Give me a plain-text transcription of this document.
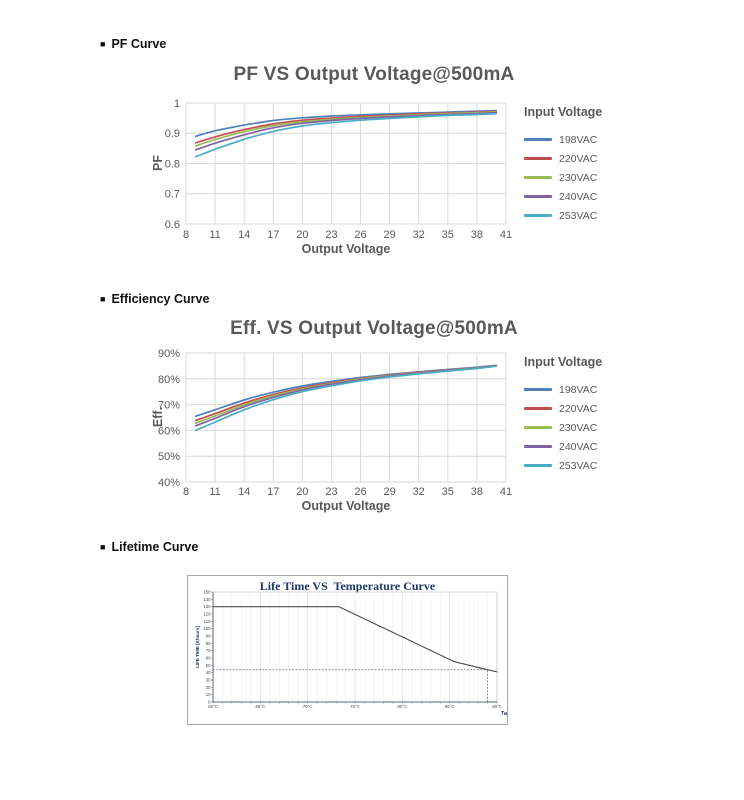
■ PF Curve
PF VS Output Voltage@500mA
8 11 14 17 20 23 26 29 32 35 38 41
0.6
0.7
0.8
0.9
1
Output Voltage
PF
Input Voltage
198VAC
220VAC
230VAC
240VAC
253VAC
■ Efficiency Curve
Eff. VS Output Voltage@500mA
8 11 14 17 20 23 26 29 32 35 38 41
40%
50%
60%
70%
80%
90%
Output Voltage
Eff.
Input Voltage
198VAC
220VAC
230VAC
240VAC
253VAC
■ Lifetime Curve
Life Time VS  Temperature Curve
60°C	65°C	70°C	75°C	80°C	85°C	90°C
0
10
20
30
40
50
60
70
80
90
100
110
120
130
140
150
Ta
LIFE TIME [Khours]
